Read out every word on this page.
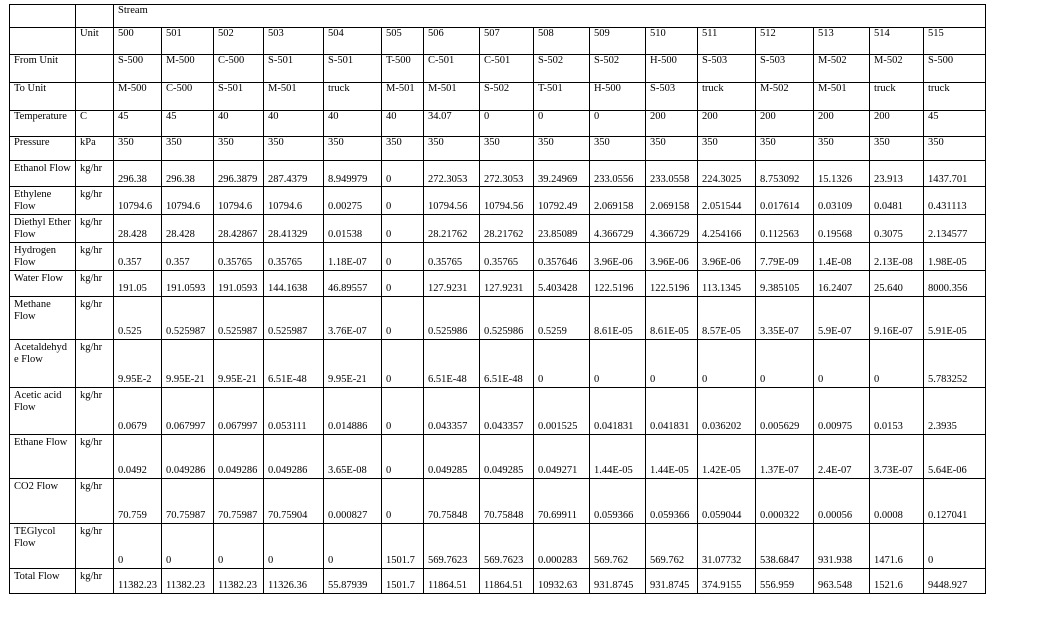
		Stream															
	Unit	500	501	502	503	504	505	506	507	508	509	510	511	512	513	514	515
From Unit		S-500	M-500	C-500	S-501	S-501	T-500	C-501	C-501	S-502	S-502	H-500	S-503	S-503	M-502	M-502	S-500
To Unit		M-500	C-500	S-501	M-501	truck	M-501	M-501	S-502	T-501	H-500	S-503	truck	M-502	M-501	truck	truck
Temperature	C	45	45	40	40	40	40	34.07	0	0	0	200	200	200	200	200	45
Pressure	kPa	350	350	350	350	350	350	350	350	350	350	350	350	350	350	350	350
Ethanol Flow	kg/hr	296.38	296.38	296.3879	287.4379	8.949979	0	272.3053	272.3053	39.24969	233.0556	233.0558	224.3025	8.753092	15.1326	23.913	1437.701
Ethylene Flow	kg/hr	10794.6	10794.6	10794.6	10794.6	0.00275	0	10794.56	10794.56	10792.49	2.069158	2.069158	2.051544	0.017614	0.03109	0.0481	0.431113
Diethyl Ether Flow	kg/hr	28.428	28.428	28.42867	28.41329	0.01538	0	28.21762	28.21762	23.85089	4.366729	4.366729	4.254166	0.112563	0.19568	0.3075	2.134577
Hydrogen Flow	kg/hr	0.357	0.357	0.35765	0.35765	1.18E-07	0	0.35765	0.35765	0.357646	3.96E-06	3.96E-06	3.96E-06	7.79E-09	1.4E-08	2.13E-08	1.98E-05
Water Flow	kg/hr	191.05	191.0593	191.0593	144.1638	46.89557	0	127.9231	127.9231	5.403428	122.5196	122.5196	113.1345	9.385105	16.2407	25.640	8000.356
Methane Flow	kg/hr	0.525	0.525987	0.525987	0.525987	3.76E-07	0	0.525986	0.525986	0.5259	8.61E-05	8.61E-05	8.57E-05	3.35E-07	5.9E-07	9.16E-07	5.91E-05
Acetaldehyde Flow	kg/hr	9.95E-2	9.95E-21	9.95E-21	6.51E-48	9.95E-21	0	6.51E-48	6.51E-48	0	0	0	0	0	0	0	5.783252
Acetic acid Flow	kg/hr	0.0679	0.067997	0.067997	0.053111	0.014886	0	0.043357	0.043357	0.001525	0.041831	0.041831	0.036202	0.005629	0.00975	0.0153	2.3935
Ethane Flow	kg/hr	0.0492	0.049286	0.049286	0.049286	3.65E-08	0	0.049285	0.049285	0.049271	1.44E-05	1.44E-05	1.42E-05	1.37E-07	2.4E-07	3.73E-07	5.64E-06
CO2 Flow	kg/hr	70.759	70.75987	70.75987	70.75904	0.000827	0	70.75848	70.75848	70.69911	0.059366	0.059366	0.059044	0.000322	0.00056	0.0008	0.127041
TEGlycol Flow	kg/hr	0	0	0	0	0	1501.7	569.7623	569.7623	0.000283	569.762	569.762	31.07732	538.6847	931.938	1471.6	0
Total Flow	kg/hr	11382.23	11382.23	11382.23	11326.36	55.87939	1501.7	11864.51	11864.51	10932.63	931.8745	931.8745	374.9155	556.959	963.548	1521.6	9448.927
